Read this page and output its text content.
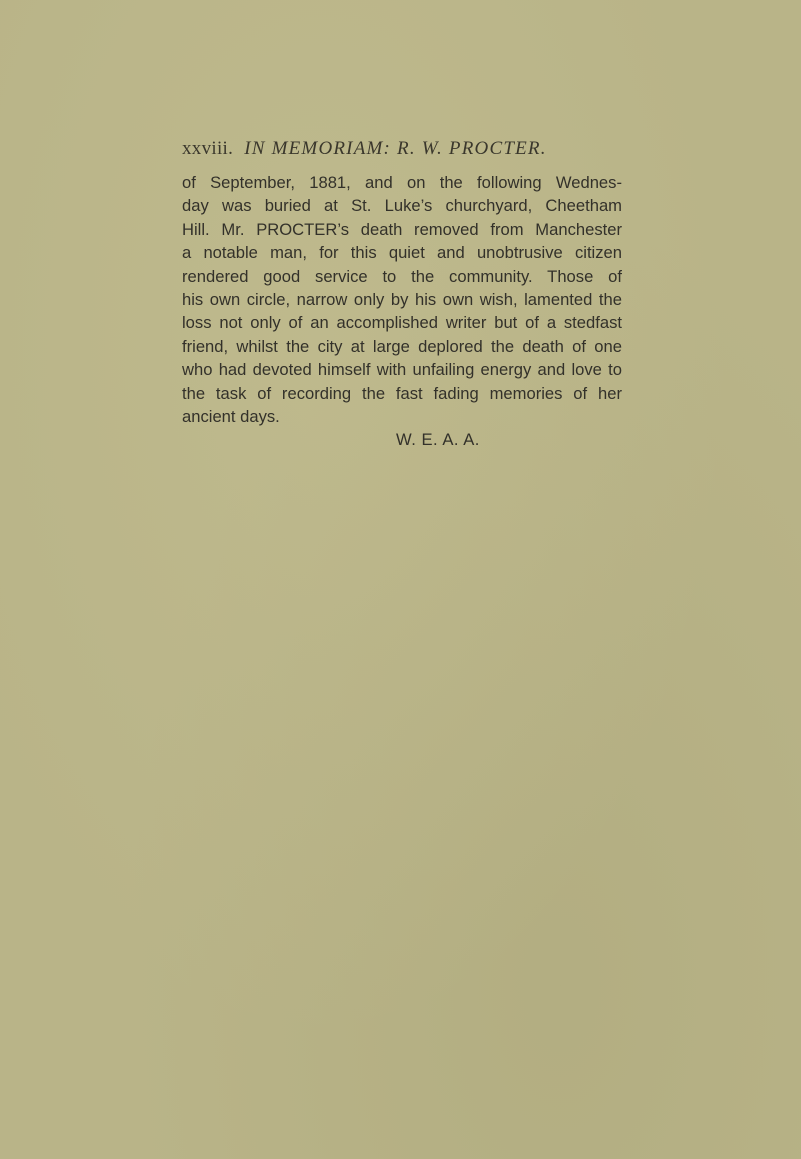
xxviii. IN MEMORIAM: R. W. PROCTER.
of September, 1881, and on the following Wednes-
day was buried at St. Luke’s churchyard, Cheetham
Hill. Mr. PROCTER’s death removed from Manchester
a notable man, for this quiet and unobtrusive citizen
rendered good service to the community. Those of
his own circle, narrow only by his own wish, lamented the
loss not only of an accomplished writer but of a stedfast
friend, whilst the city at large deplored the death of one
who had devoted himself with unfailing energy and love to
the task of recording the fast fading memories of her
ancient days.
W. E. A. A.
